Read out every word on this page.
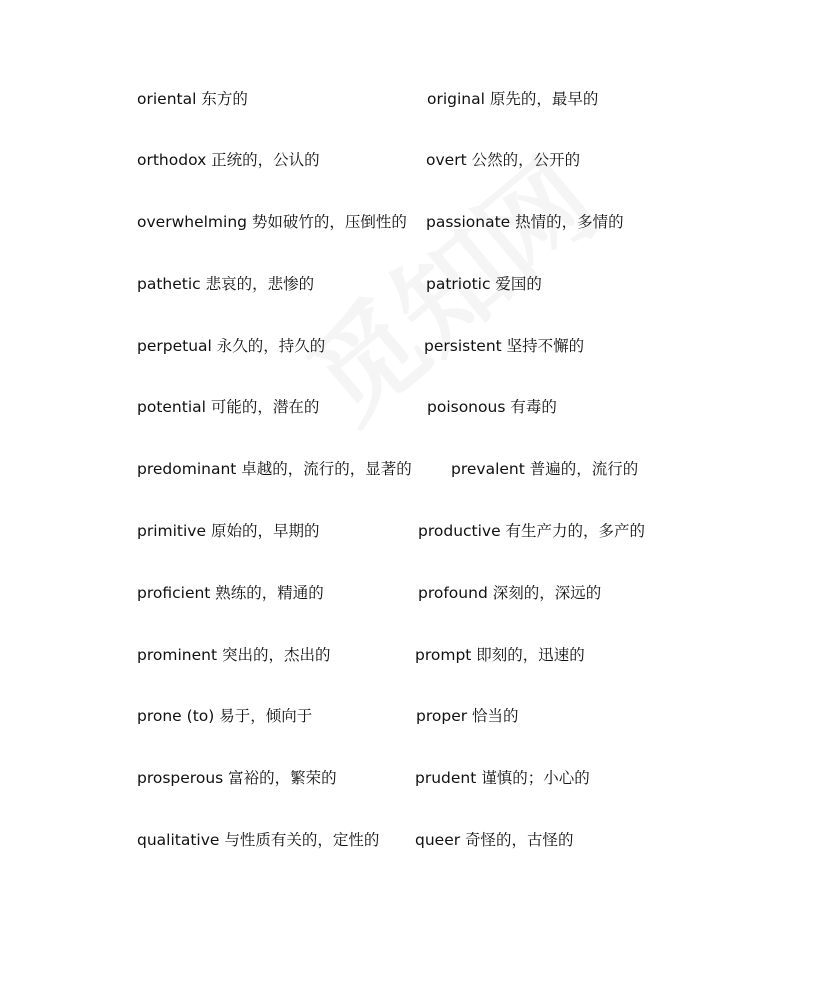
oriental 东方的	original 原先的，最早的
orthodox 正统的，公认的	overt 公然的，公开的
overwhelming 势如破竹的，压倒性的 passionate 热情的，多情的
pathetic 悲哀的，悲惨的	patriotic 爱国的
perpetual 永久的，持久的	persistent 坚持不懈的
potential 可能的，潜在的	poisonous 有毒的
predominant 卓越的，流行的，显著的	prevalent 普遍的，流行的
primitive 原始的，早期的	productive 有生产力的，多产的
proficient 熟练的，精通的	profound 深刻的，深远的
prominent 突出的，杰出的	prompt 即刻的，迅速的
prone (to) 易于，倾向于	proper 恰当的
prosperous 富裕的，繁荣的	prudent 谨慎的；小心的
qualitative 与性质有关的，定性的 queer 奇怪的，古怪的
